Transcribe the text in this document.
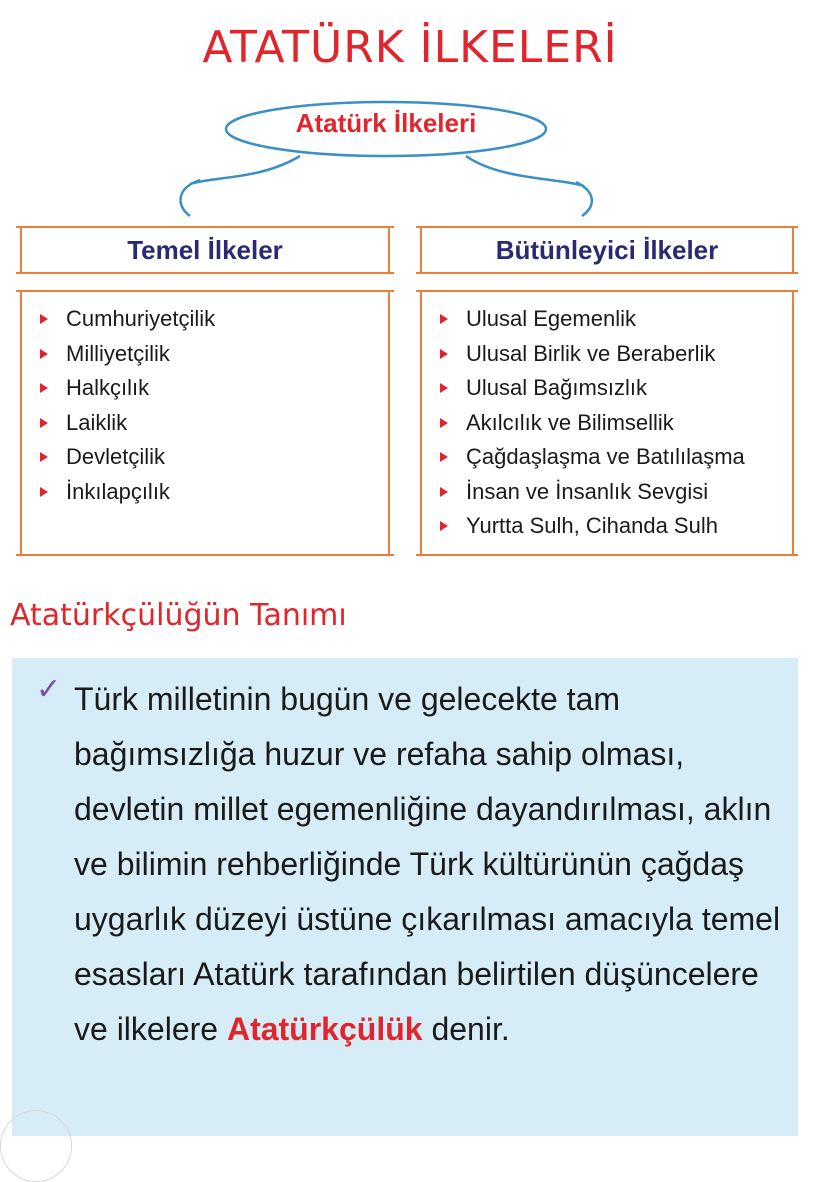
ATATÜRK İLKELERİ
Atatürk İlkeleri
Temel İlkeler	Bütünleyici İlkeler
Cumhuriyetçilik
Milliyetçilik
Halkçılık
Laiklik
Devletçilik
İnkılapçılık
Ulusal Egemenlik
Ulusal Birlik ve Beraberlik
Ulusal Bağımsızlık
Akılcılık ve Bilimsellik
Çağdaşlaşma ve Batılılaşma
İnsan ve İnsanlık Sevgisi
Yurtta Sulh, Cihanda Sulh
Atatürkçülüğün Tanımı
✓ Türk milletinin bugün ve gelecekte tam bağımsızlığa huzur ve refaha sahip olması, devletin millet egemenliğine dayandırılması, aklın ve bilimin rehberliğinde Türk kültürünün çağdaş uygarlık düzeyi üstüne çıkarılması amacıyla temel esasları Atatürk tarafından belirtilen düşüncelere ve ilkelere Atatürkçülük denir.
